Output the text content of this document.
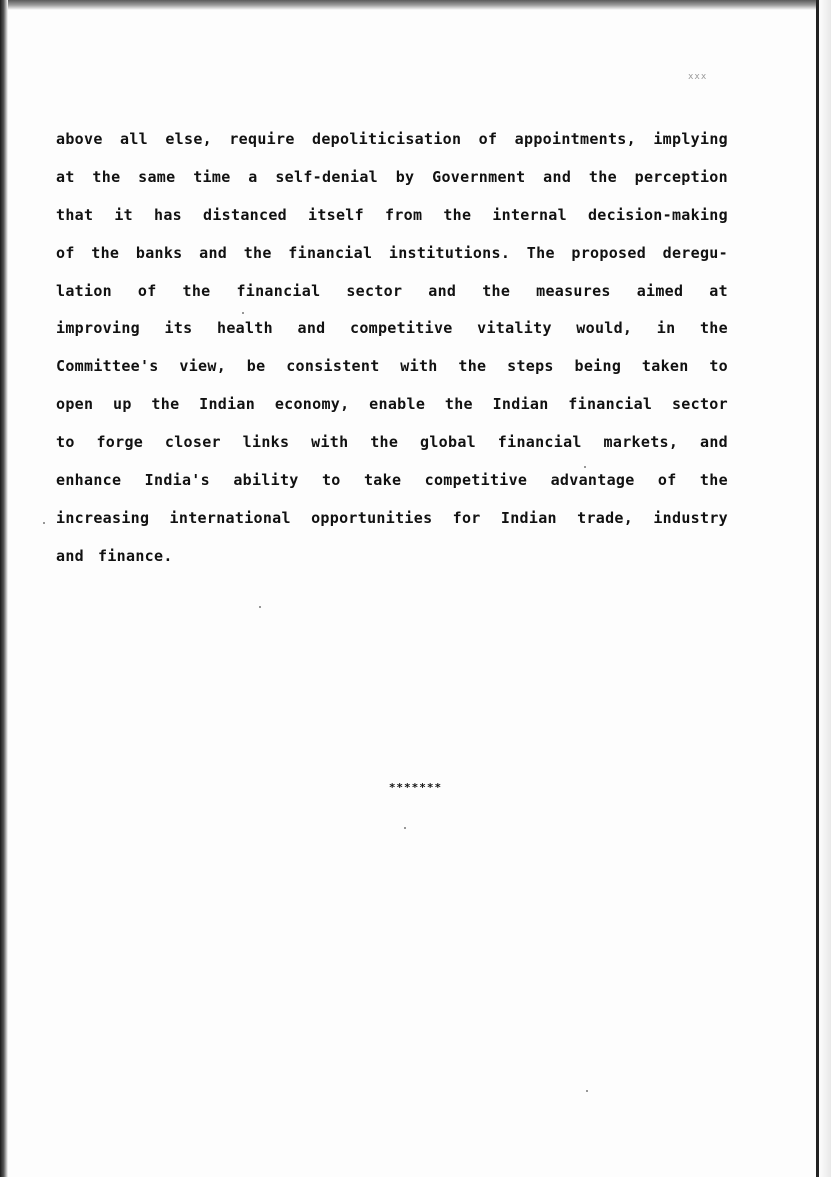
ххх
above all else, require depoliticisation of appointments, implying
at the same time a self-denial by Government and the perception
that it has distanced itself from the internal decision-making
of the banks and the financial institutions. The proposed deregu-
lation of the financial sector and the measures aimed at
improving its health and competitive vitality would, in the
Committee's view, be consistent with the steps being taken to
open up the Indian economy, enable the Indian financial sector
to forge closer links with the global financial markets, and
enhance India's ability to take competitive advantage of the
increasing international opportunities for Indian trade, industry
and finance.
*******
